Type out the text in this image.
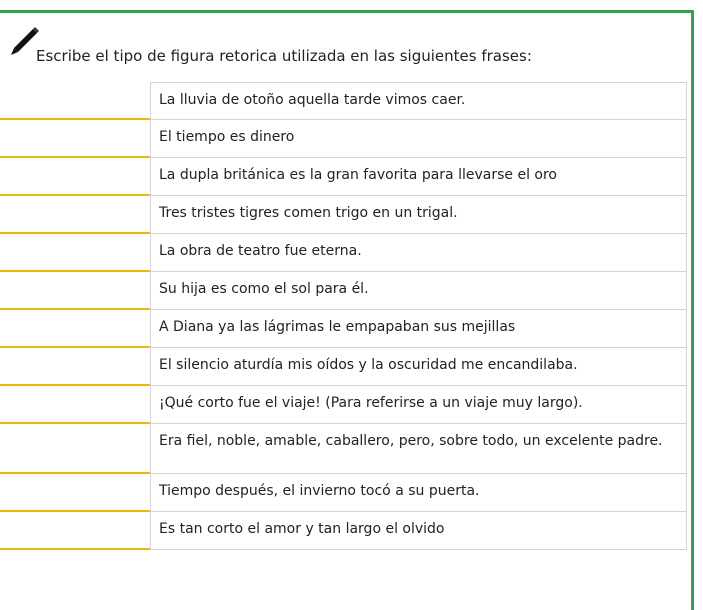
Escribe el tipo de figura retorica utilizada en las siguientes frases:
La lluvia de otoño aquella tarde vimos caer.
El tiempo es dinero
La dupla británica es la gran favorita para llevarse el oro
Tres tristes tigres comen trigo en un trigal.
La obra de teatro fue eterna.
Su hija es como el sol para él.
A Diana ya las lágrimas le empapaban sus mejillas
El silencio aturdía mis oídos y la oscuridad me encandilaba.
¡Qué corto fue el viaje! (Para referirse a un viaje muy largo).
Era fiel, noble, amable, caballero, pero, sobre todo, un excelente padre.
Tiempo después, el invierno tocó a su puerta.
Es tan corto el amor y tan largo el olvido
